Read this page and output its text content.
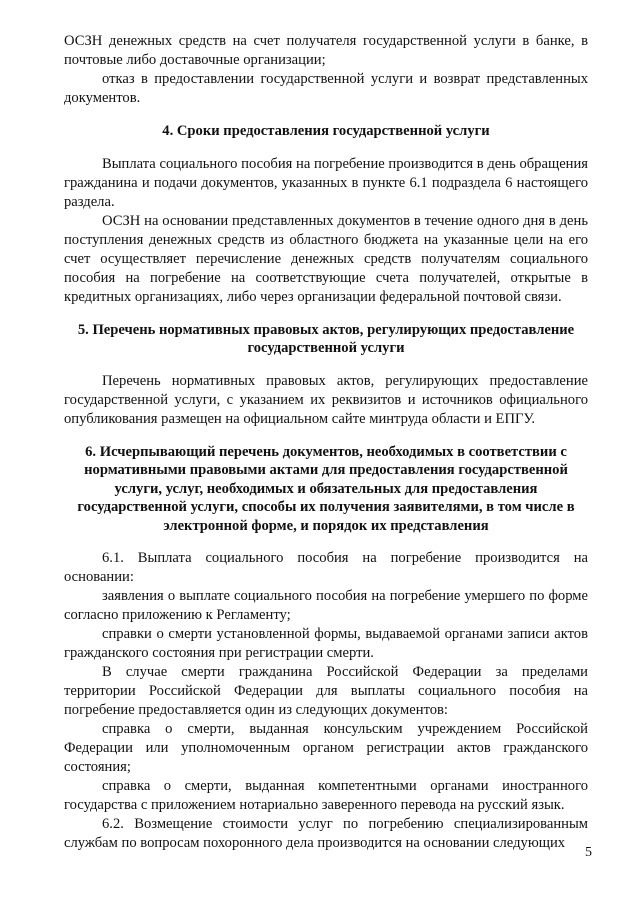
ОСЗН денежных средств на счет получателя государственной услуги в банке, в почтовые либо доставочные организации;

отказ в предоставлении государственной услуги и возврат представленных документов.

4. Сроки предоставления государственной услуги

Выплата социального пособия на погребение производится в день обращения гражданина и подачи документов, указанных в пункте 6.1 подраздела 6 настоящего раздела.

ОСЗН на основании представленных документов в течение одного дня в день поступления денежных средств из областного бюджета на указанные цели на его счет осуществляет перечисление денежных средств получателям социального пособия на погребение на соответствующие счета получателей, открытые в кредитных организациях, либо через организации федеральной почтовой связи.

5. Перечень нормативных правовых актов, регулирующих предоставление государственной услуги

Перечень нормативных правовых актов, регулирующих предоставление государственной услуги, с указанием их реквизитов и источников официального опубликования размещен на официальном сайте минтруда области и ЕПГУ.

6. Исчерпывающий перечень документов, необходимых в соответствии с нормативными правовыми актами для предоставления государственной услуги, услуг, необходимых и обязательных для предоставления государственной услуги, способы их получения заявителями, в том числе в электронной форме, и порядок их представления

6.1. Выплата социального пособия на погребение производится на основании:

заявления о выплате социального пособия на погребение умершего по форме согласно приложению к Регламенту;

справки о смерти установленной формы, выдаваемой органами записи актов гражданского состояния при регистрации смерти.

В случае смерти гражданина Российской Федерации за пределами территории Российской Федерации для выплаты социального пособия на погребение предоставляется один из следующих документов:

справка о смерти, выданная консульским учреждением Российской Федерации или уполномоченным органом регистрации актов гражданского состояния;

справка о смерти, выданная компетентными органами иностранного государства с приложением нотариально заверенного перевода на русский язык.

6.2. Возмещение стоимости услуг по погребению специализированным службам по вопросам похоронного дела производится на основании следующих

5
